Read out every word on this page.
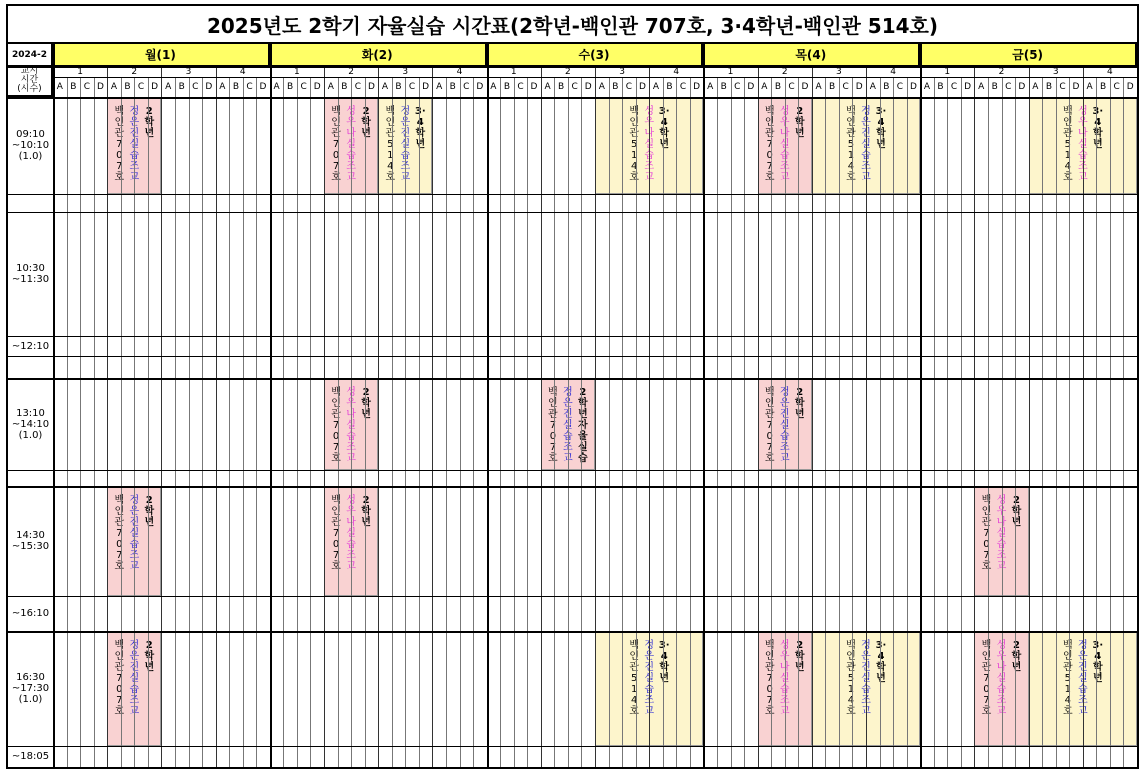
2025년도 2학기 자율실습 시간표(2학년-백인관 707호, 3·4학년-백인관 514호)
2024-2
교시
시간
(시수)
월(1)
1
A B C D
2
A B C D
3
A B C D
4
A B C D
화(2)
1
A B C D
2
A B C D
3
A B C D
4
A B C D
수(3)
1
A B C D
2
A B C D
3
A B C D
4
A B C D
목(4)
1
A B C D
2
A B C D
3
A B C D
4
A B C D
금(5)
1
A B C D
2
A B C D
3
A B C D
4
A B C D
09:10
~10:10
(1.0)
10:30
~11:30
~12:10
13:10
~14:10
(1.0)
14:30
~15:30
~16:10
16:30
~17:30
(1.0)
~18:05
백인관 707호
정은진 실습조교
2학년
백인관 707호
성우나 실습조교
2학년
백인관 514호
정은진 실습조교
3·4학년
백인관 514호
성우나 실습조교
3·4학년
백인관 707호
성우나 실습조교
2학년
백인관 514호
정은진 실습조교
3·4학년
백인관 514호
성우나 실습조교
3·4학년
백인관 707호
성우나 실습조교
2학년
백인관 707호
정은진 실습조교
2학년 자율실습
백인관 707호
정은진 실습조교
2학년
백인관 707호
정은진 실습조교
2학년
백인관 707호
성우나 실습조교
2학년
백인관 707호
성우나 실습조교
2학년
백인관 707호
정은진 실습조교
2학년
백인관 514호
정은진 실습조교
3·4학년
백인관 707호
성우나 실습조교
2학년
백인관 514호
정은진 실습조교
3·4학년
백인관 707호
성우나 실습조교
2학년
백인관 514호
정은진 실습조교
3·4학년
